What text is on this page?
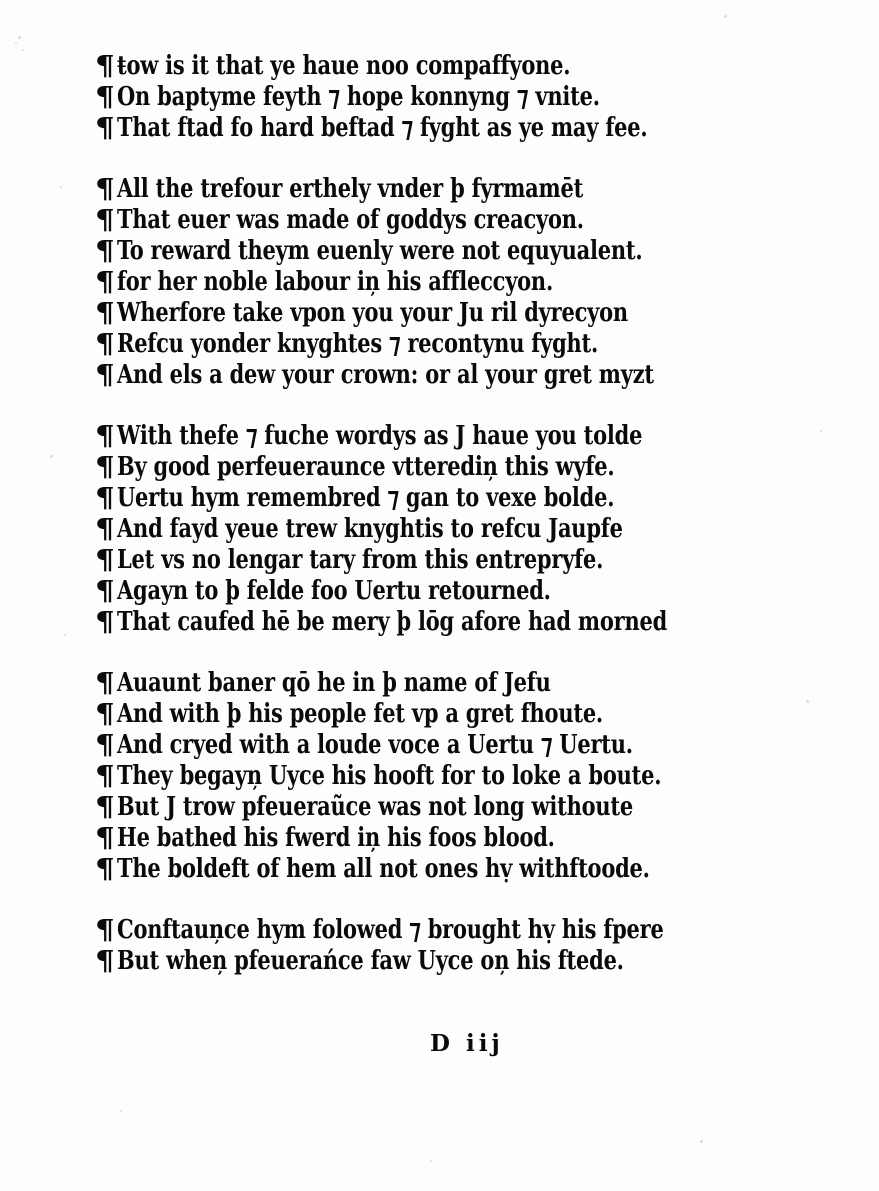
¶ ŧow is it that ye haue noo compaffyone.
¶ On baptyme feyth ⁊ hope konnyng ⁊ vnite.
¶ That ftad fo hard beftad ⁊ fyght as ye may fee.
¶ All the trefour erthely vnder þ fyrmamēt
¶ That euer was made of goddys creacyon.
¶ To reward theym euenly were not equyualent.
¶ for her noble labour iņ his affleccyon.
¶ Wherfore take vpon you your Ju ril dyrecyon
¶ Refcu yonder knyghtes ⁊ recontynu fyght.
¶ And els a dew your crown: or al your gret myzt
¶ With thefe ⁊ fuche wordys as J haue you tolde
¶ By good perfeueraunce vtterediņ this wyfe.
¶ Uertu hym remembred ⁊ gan to vexe bolde.
¶ And fayd yeue trew knyghtis to refcu Jaupfe
¶ Let vs no lengar tary from this entrepryfe.
¶ Agayn to þ felde foo Uertu retourned.
¶ That caufed hē be mery þ lōg afore had morned
¶ Auaunt baner qō he in þ name of Jefu
¶ And with þ his people fet vp a gret fhoute.
¶ And cryed with a loude voce a Uertu ⁊ Uertu.
¶ They begayņ Uyce his hooft for to loke a boute.
¶ But J trow pfeueraũce was not long withoute
¶ He bathed his fwerd iņ his foos blood.
¶ The boldeft of hem all not ones hṿ withftoode.
¶ Conftauņce hym folowed ⁊ brought hṿ his fpere
¶ But wheņ pfeuerańce faw Uyce oņ his ftede.
D iij
